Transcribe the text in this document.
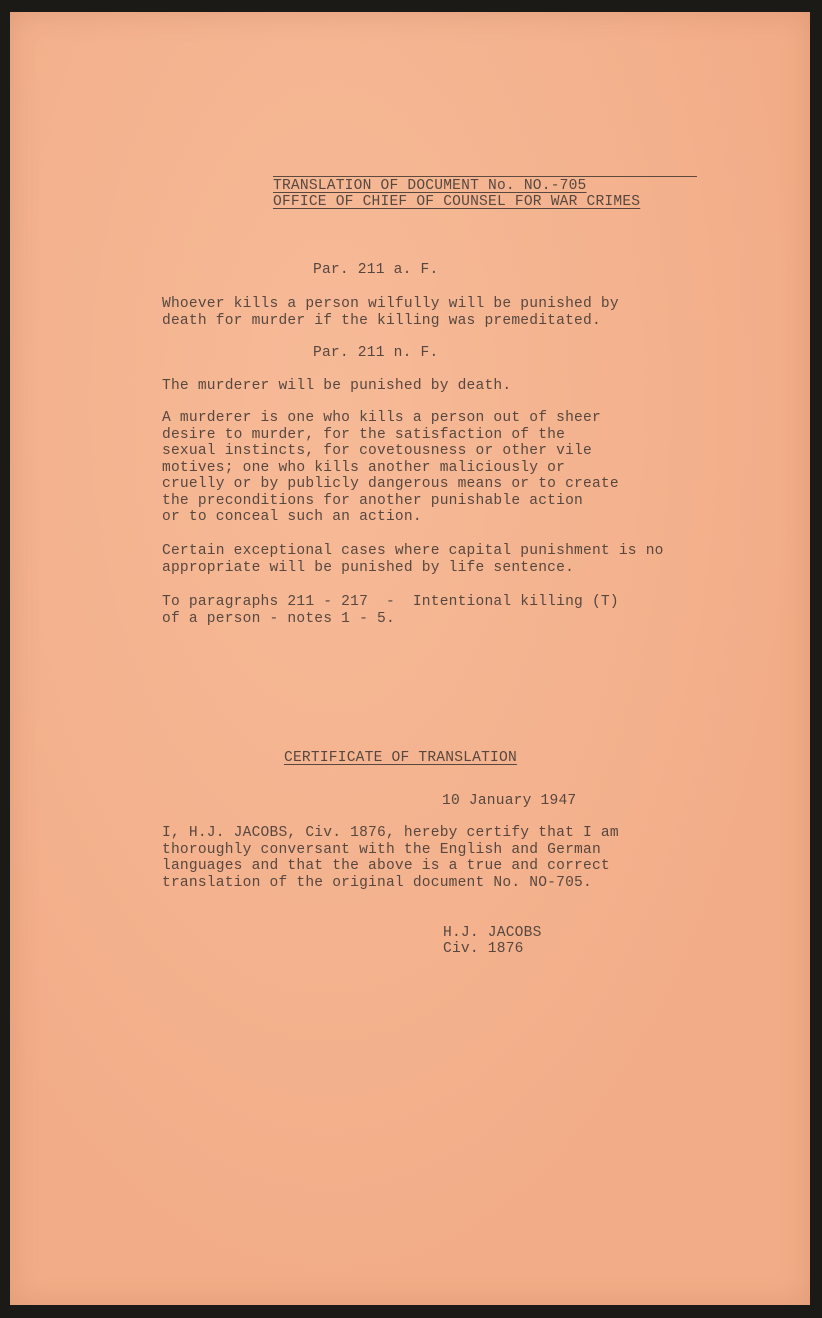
TRANSLATION OF DOCUMENT No. NO.-705
OFFICE OF CHIEF OF COUNSEL FOR WAR CRIMES
Par. 211 a. F.
Whoever kills a person wilfully will be punished by
death for murder if the killing was premeditated.
Par. 211 n. F.
The murderer will be punished by death.
A murderer is one who kills a person out of sheer
desire to murder, for the satisfaction of the
sexual instincts, for covetousness or other vile
motives; one who kills another maliciously or
cruelly or by publicly dangerous means or to create
the preconditions for another punishable action
or to conceal such an action.
Certain exceptional cases where capital punishment is no
appropriate will be punished by life sentence.
To paragraphs 211 - 217  -  Intentional killing (T)
of a person - notes 1 - 5.
CERTIFICATE OF TRANSLATION
10 January 1947
I, H.J. JACOBS, Civ. 1876, hereby certify that I am
thoroughly conversant with the English and German
languages and that the above is a true and correct
translation of the original document No. NO-705.
H.J. JACOBS
Civ. 1876
